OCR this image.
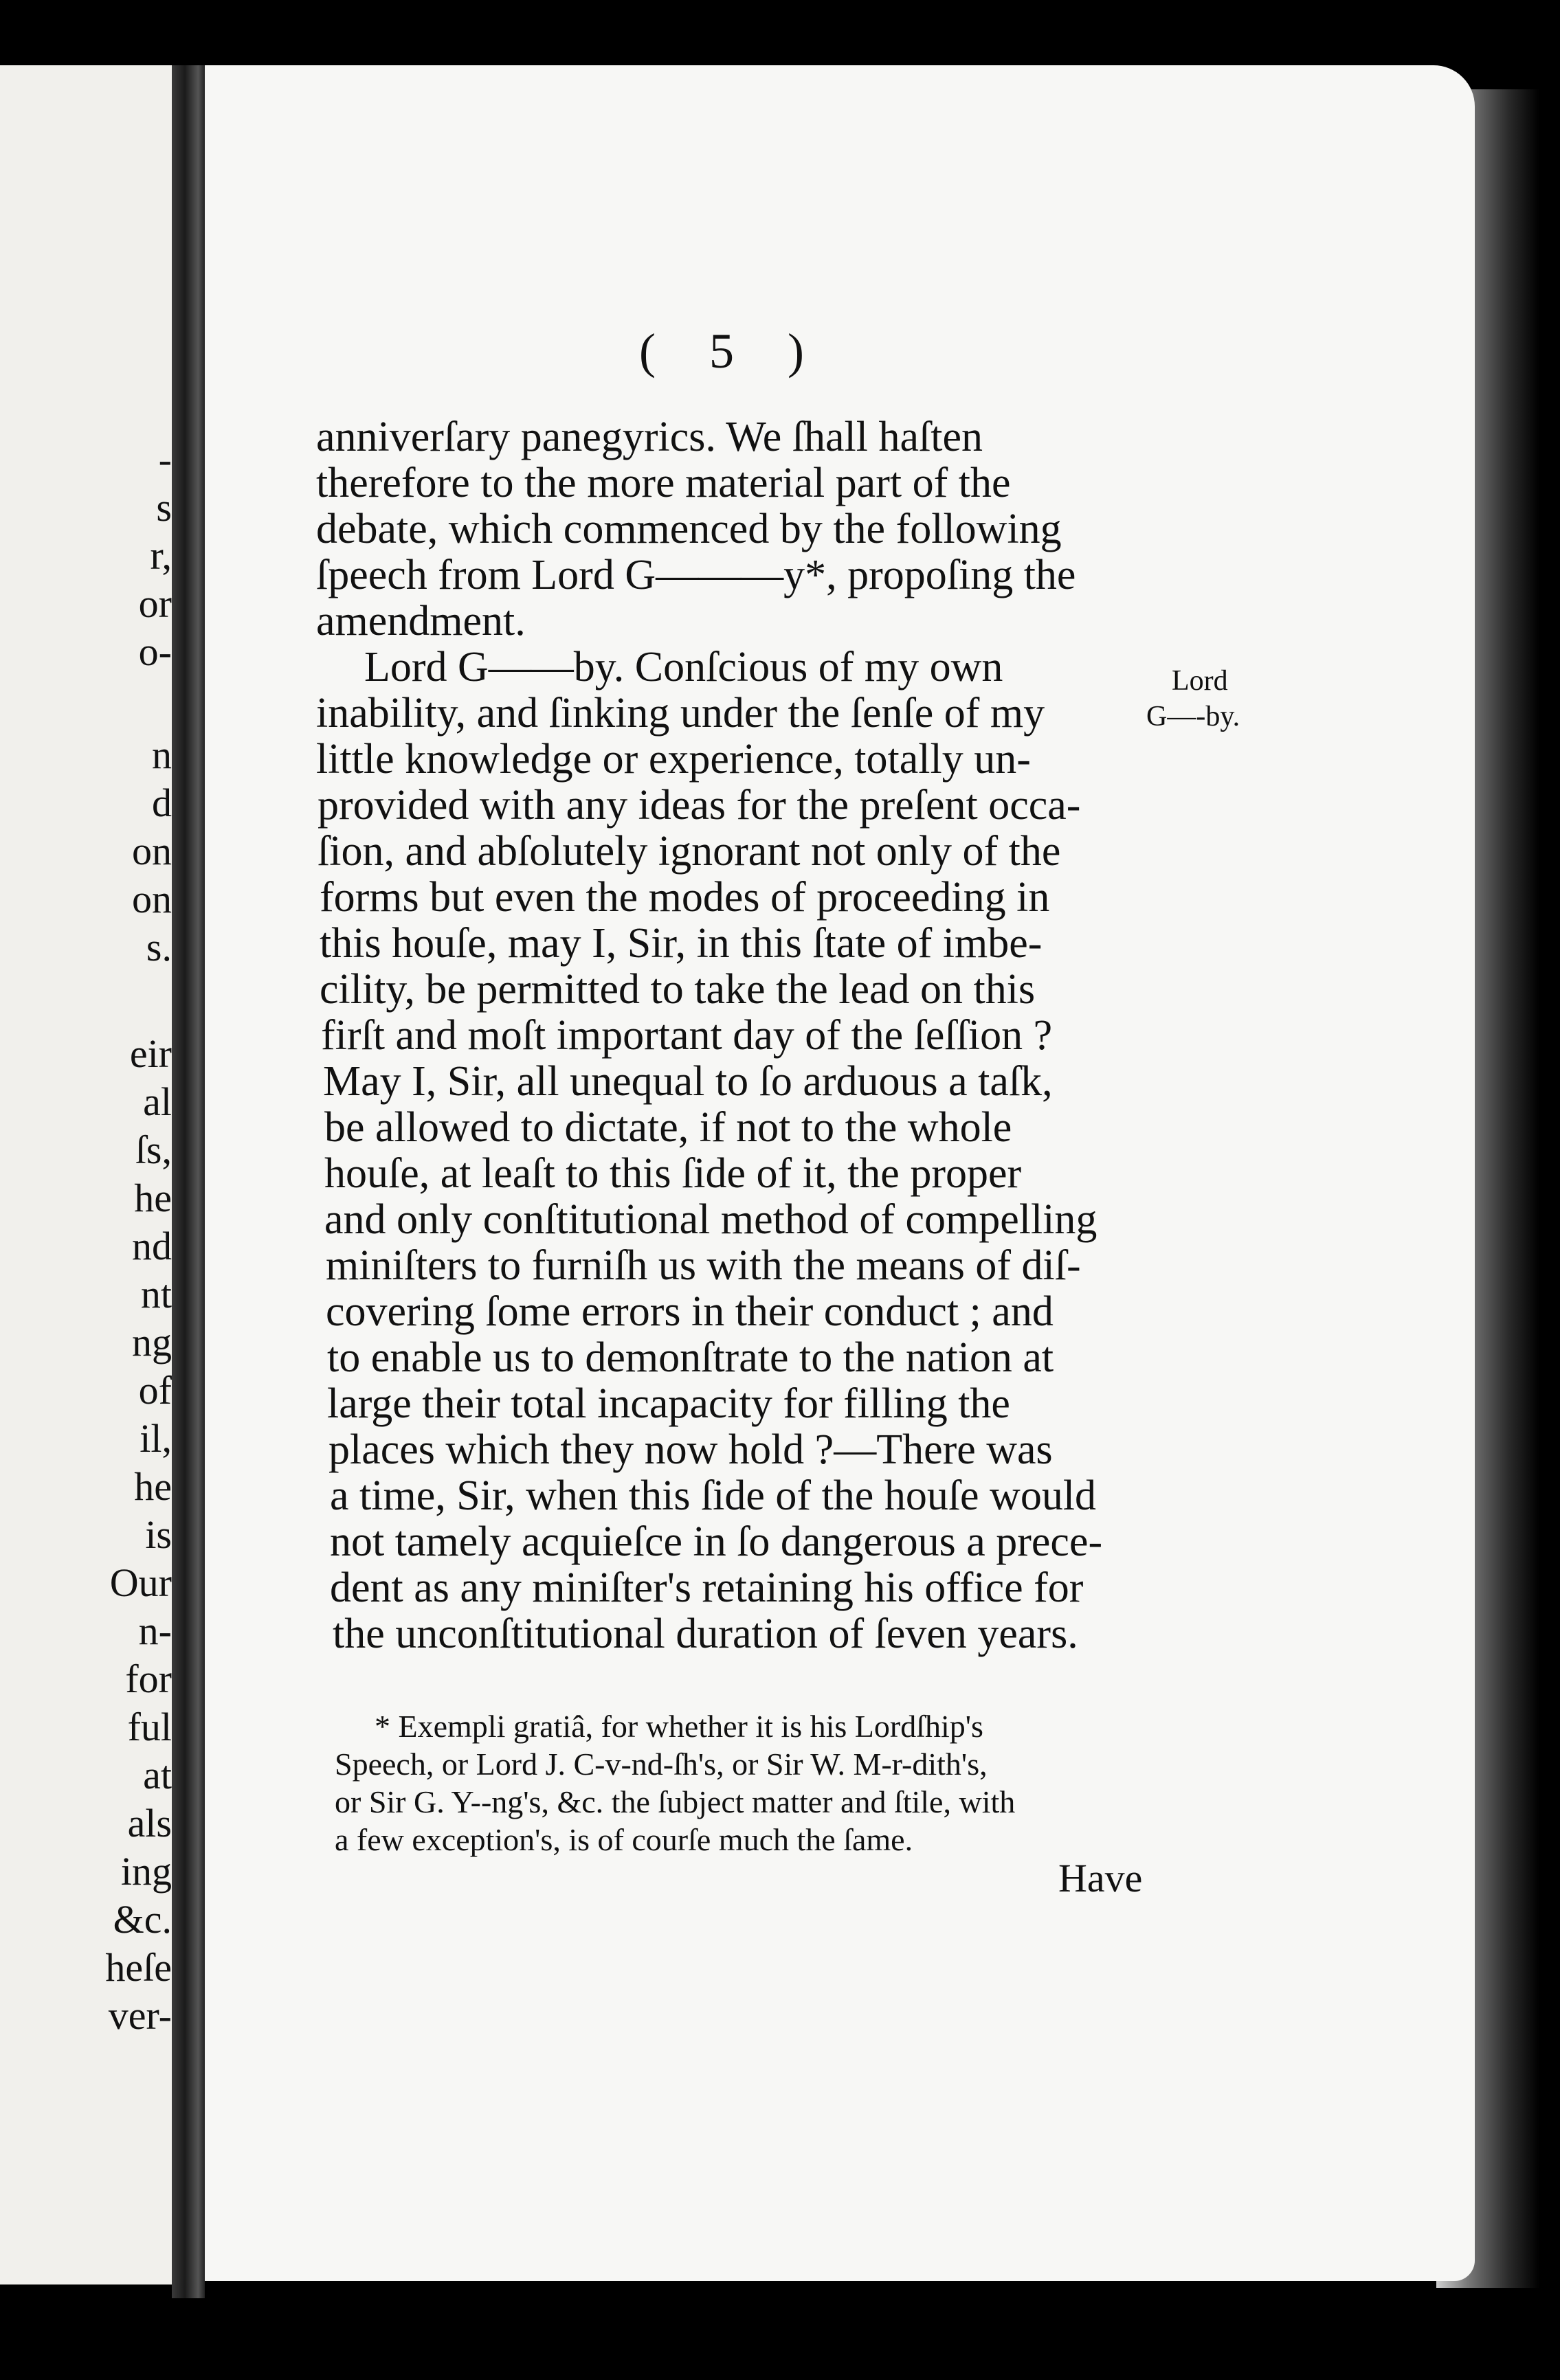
-
s
r,
or
o-
n
d
on
on
s.
eir
al
ſs,
he
nd
nt
ng
of
il,
he
is
Our
n-
for
ful
at
als
ing
&c.
heſe
ver-
( 5 )
anniverſary panegyrics. We ſhall haſten
therefore to the more material part of the
debate, which commenced by the following
ſpeech from Lord G———y*, propoſing the
amendment.
Lord G——by. Conſcious of my own
inability, and ſinking under the ſenſe of my
little knowledge or experience, totally un-
provided with any ideas for the preſent occa-
ſion, and abſolutely ignorant not only of the
forms but even the modes of proceeding in
this houſe, may I, Sir, in this ſtate of imbe-
cility, be permitted to take the lead on this
firſt and moſt important day of the ſeſſion ?
May I, Sir, all unequal to ſo arduous a taſk,
be allowed to dictate, if not to the whole
houſe, at leaſt to this ſide of it, the proper
and only conſtitutional method of compelling
miniſters to furniſh us with the means of diſ-
covering ſome errors in their conduct ; and
to enable us to demonſtrate to the nation at
large their total incapacity for filling the
places which they now hold ?—There was
a time, Sir, when this ſide of the houſe would
not tamely acquieſce in ſo dangerous a prece-
dent as any miniſter's retaining his office for
the unconſtitutional duration of ſeven years.
Lord
G—-by.
* Exempli gratiâ, for whether it is his Lordſhip's
Speech, or Lord J. C-v-nd-ſh's, or Sir W. M-r-dith's,
or Sir G. Y--ng's, &c. the ſubject matter and ſtile, with
a few exception's, is of courſe much the ſame.
Have
